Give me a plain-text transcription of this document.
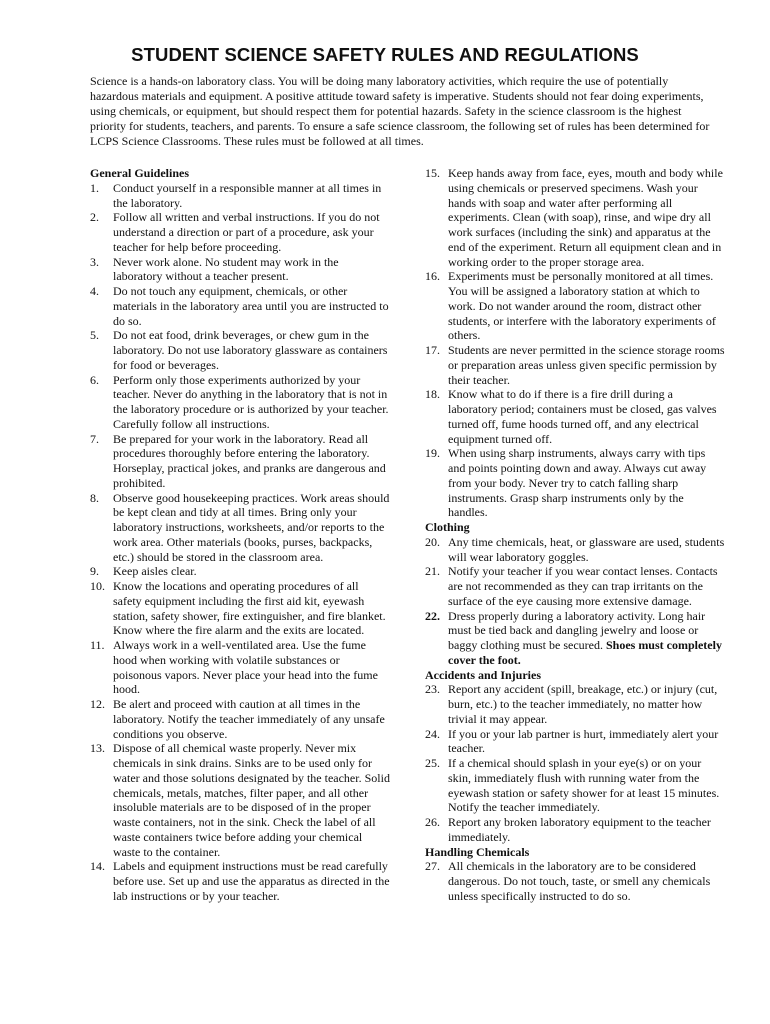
STUDENT SCIENCE SAFETY RULES AND REGULATIONS
Science is a hands-on laboratory class. You will be doing many laboratory activities, which require the use of potentially hazardous materials and equipment. A positive attitude toward safety is imperative. Students should not fear doing experiments, using chemicals, or equipment, but should respect them for potential hazards. Safety in the science classroom is the highest priority for students, teachers, and parents. To ensure a safe science classroom, the following set of rules has been determined for LCPS Science Classrooms. These rules must be followed at all times.
General Guidelines
1. Conduct yourself in a responsible manner at all times in the laboratory.
2. Follow all written and verbal instructions. If you do not understand a direction or part of a procedure, ask your teacher for help before proceeding.
3. Never work alone. No student may work in the laboratory without a teacher present.
4. Do not touch any equipment, chemicals, or other materials in the laboratory area until you are instructed to do so.
5. Do not eat food, drink beverages, or chew gum in the laboratory. Do not use laboratory glassware as containers for food or beverages.
6. Perform only those experiments authorized by your teacher. Never do anything in the laboratory that is not in the laboratory procedure or is authorized by your teacher. Carefully follow all instructions.
7. Be prepared for your work in the laboratory. Read all procedures thoroughly before entering the laboratory. Horseplay, practical jokes, and pranks are dangerous and prohibited.
8. Observe good housekeeping practices. Work areas should be kept clean and tidy at all times. Bring only your laboratory instructions, worksheets, and/or reports to the work area. Other materials (books, purses, backpacks, etc.) should be stored in the classroom area.
9. Keep aisles clear.
10. Know the locations and operating procedures of all safety equipment including the first aid kit, eyewash station, safety shower, fire extinguisher, and fire blanket. Know where the fire alarm and the exits are located.
11. Always work in a well-ventilated area. Use the fume hood when working with volatile substances or poisonous vapors. Never place your head into the fume hood.
12. Be alert and proceed with caution at all times in the laboratory. Notify the teacher immediately of any unsafe conditions you observe.
13. Dispose of all chemical waste properly. Never mix chemicals in sink drains. Sinks are to be used only for water and those solutions designated by the teacher. Solid chemicals, metals, matches, filter paper, and all other insoluble materials are to be disposed of in the proper waste containers, not in the sink. Check the label of all waste containers twice before adding your chemical waste to the container.
14. Labels and equipment instructions must be read carefully before use. Set up and use the apparatus as directed in the lab instructions or by your teacher.
15. Keep hands away from face, eyes, mouth and body while using chemicals or preserved specimens. Wash your hands with soap and water after performing all experiments. Clean (with soap), rinse, and wipe dry all work surfaces (including the sink) and apparatus at the end of the experiment. Return all equipment clean and in working order to the proper storage area.
16. Experiments must be personally monitored at all times. You will be assigned a laboratory station at which to work. Do not wander around the room, distract other students, or interfere with the laboratory experiments of others.
17. Students are never permitted in the science storage rooms or preparation areas unless given specific permission by their teacher.
18. Know what to do if there is a fire drill during a laboratory period; containers must be closed, gas valves turned off, fume hoods turned off, and any electrical equipment turned off.
19. When using sharp instruments, always carry with tips and points pointing down and away. Always cut away from your body. Never try to catch falling sharp instruments. Grasp sharp instruments only by the handles.
Clothing
20. Any time chemicals, heat, or glassware are used, students will wear laboratory goggles.
21. Notify your teacher if you wear contact lenses. Contacts are not recommended as they can trap irritants on the surface of the eye causing more extensive damage.
22. Dress properly during a laboratory activity. Long hair must be tied back and dangling jewelry and loose or baggy clothing must be secured. Shoes must completely cover the foot.
Accidents and Injuries
23. Report any accident (spill, breakage, etc.) or injury (cut, burn, etc.) to the teacher immediately, no matter how trivial it may appear.
24. If you or your lab partner is hurt, immediately alert your teacher.
25. If a chemical should splash in your eye(s) or on your skin, immediately flush with running water from the eyewash station or safety shower for at least 15 minutes. Notify the teacher immediately.
26. Report any broken laboratory equipment to the teacher immediately.
Handling Chemicals
27. All chemicals in the laboratory are to be considered dangerous. Do not touch, taste, or smell any chemicals unless specifically instructed to do so.
